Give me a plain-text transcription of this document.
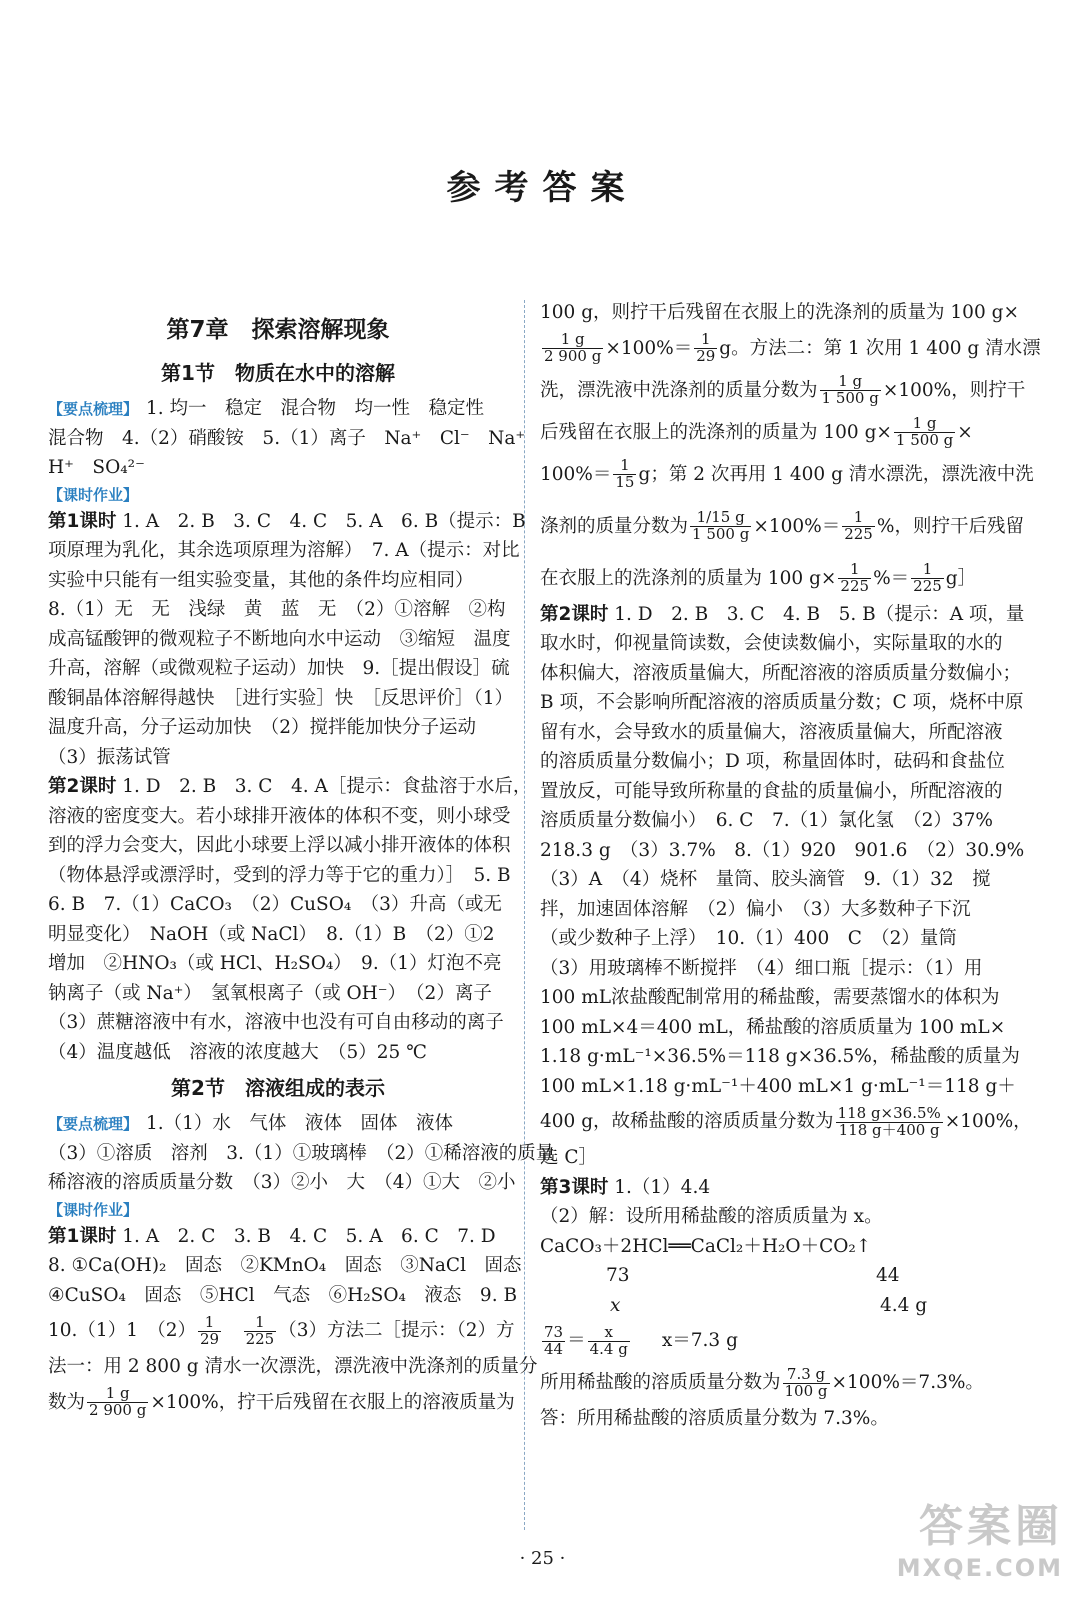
参考答案
第7章　探索溶解现象
第1节　物质在水中的溶解
【要点梳理】 1. 均一　稳定　混合物　均一性　稳定性
混合物　4.（2）硝酸铵　5.（1）离子　Na⁺　Cl⁻　Na⁺
H⁺　SO₄²⁻
【课时作业】
第1课时 1. A　2. B　3. C　4. C　5. A　6. B（提示：B
项原理为乳化，其余选项原理为溶解）　7. A（提示：对比
实验中只能有一组实验变量，其他的条件均应相同）
8.（1）无　无　浅绿　黄　蓝　无　（2）①溶解　②构
成高锰酸钾的微观粒子不断地向水中运动　③缩短　温度
升高，溶解（或微观粒子运动）加快　9.［提出假设］硫
酸铜晶体溶解得越快　［进行实验］快　［反思评价］（1）
温度升高，分子运动加快　（2）搅拌能加快分子运动
（3）振荡试管
第2课时 1. D　2. B　3. C　4. A［提示：食盐溶于水后，
溶液的密度变大。若小球排开液体的体积不变，则小球受
到的浮力会变大，因此小球要上浮以减小排开液体的体积
（物体悬浮或漂浮时，受到的浮力等于它的重力）］　5. B
6. B　7.（1）CaCO₃　（2）CuSO₄　（3）升高（或无
明显变化）　NaOH（或 NaCl）　8.（1）B　（2）①2
增加　②HNO₃（或 HCl、H₂SO₄）　9.（1）灯泡不亮
钠离子（或 Na⁺）　氢氧根离子（或 OH⁻）　（2）离子
（3）蔗糖溶液中有水，溶液中也没有可自由移动的离子
（4）温度越低　溶液的浓度越大　（5）25 ℃
第2节　溶液组成的表示
【要点梳理】 1.（1）水　气体　液体　固体　液体
（3）①溶质　溶剂　3.（1）①玻璃棒　（2）①稀溶液的质量
稀溶液的溶质质量分数　（3）②小　大　（4）①大　②小
【课时作业】
第1课时 1. A　2. C　3. B　4. C　5. A　6. C　7. D
8. ①Ca(OH)₂　固态　②KMnO₄　固态　③NaCl　固态
④CuSO₄　固态　⑤HCl　气态　⑥H₂SO₄　液态　9. B
10.（1）1　$(2) \frac{1}{29}$
　 $\frac{1}{225} (3)$方法二［提示：（2）方
法一：用 2 800 g 清水一次漂洗，漂洗液中洗涤剂的质量分
数为 $\frac{1 g}{2 900 g} \times 100\%$，拧干后残留在衣服上的溶液质量为
100 g，则拧干后残留在衣服上的洗涤剂的质量为 100 g×
$\frac{1 g}{2 900 g} \times 100\%= \frac{1}{29}$ g。方法二：第 1 次用 1 400 g 清水漂
洗，漂洗液中洗涤剂的质量分数为 $\frac{1 g}{1 500 g} \times 100\%$，则拧干
后残留在衣服上的洗涤剂的质量为 100 $g\times \frac{1 g}{1 500 g}$ ×
$100\%= \frac{1}{15}$ g；第 2 次再用 1 400 g 清水漂洗，漂洗液中洗
涤剂的质量分数为 $\frac{1/15 g}{1 500 g} \times 100\%= \frac{1}{225}$ %，则拧干后残留
在衣服上的洗涤剂的质量为 100 $g\times \frac{1}{225}$ %＝ $\frac{1}{225}$ g］
第2课时 1. D　2. B　3. C　4. B　5. B（提示：A 项，量
取水时，仰视量筒读数，会使读数偏小，实际量取的水的
体积偏大，溶液质量偏大，所配溶液的溶质质量分数偏小；
B 项，不会影响所配溶液的溶质质量分数；C 项，烧杯中原
留有水，会导致水的质量偏大，溶液质量偏大，所配溶液
的溶质质量分数偏小；D 项，称量固体时，砝码和食盐位
置放反，可能导致所称量的食盐的质量偏小，所配溶液的
溶质质量分数偏小）　6. C　7.（1）氯化氢　（2）37%
218.3 g　（3）3.7%　8.（1）920　901.6　（2）30.9%
（3）A　（4）烧杯　量筒、胶头滴管　9.（1）32　搅
拌，加速固体溶解　（2）偏小　（3）大多数种子下沉
（或少数种子上浮）　10.（1）400　C　（2）量筒
（3）用玻璃棒不断搅拌　（4）细口瓶［提示：（1）用
100 mL浓盐酸配制常用的稀盐酸，需要蒸馏水的体积为
100 mL×4＝400 mL，稀盐酸的溶质质量为 100 mL×
1.18 g·mL⁻¹×36.5%＝118 g×36.5%，稀盐酸的质量为
100 mL×1.18 g·mL⁻¹＋400 mL×1 g·mL⁻¹＝118 g＋
400 g，故稀盐酸的溶质质量分数为 $\frac{118 g\times 36.5\%}{118 g+400 g} \times 100\%$，
选 C］
第3课时 1.（1）4.4
（2）解：设所用稀盐酸的溶质质量为 x。
CaCO₃＋2HCl══CaCl₂＋H₂O＋CO₂↑
73	44
x	4.4 g
$\frac{73}{44} = \frac{x}{4.4 g} x=7.3$ g
所用稀盐酸的溶质质量分数为 $\frac{7.3 g}{100 g} \times 100\%=7.3\%$。
答：所用稀盐酸的溶质质量分数为 7.3%。
· 25 ·
答案圈
MXQE.COM
